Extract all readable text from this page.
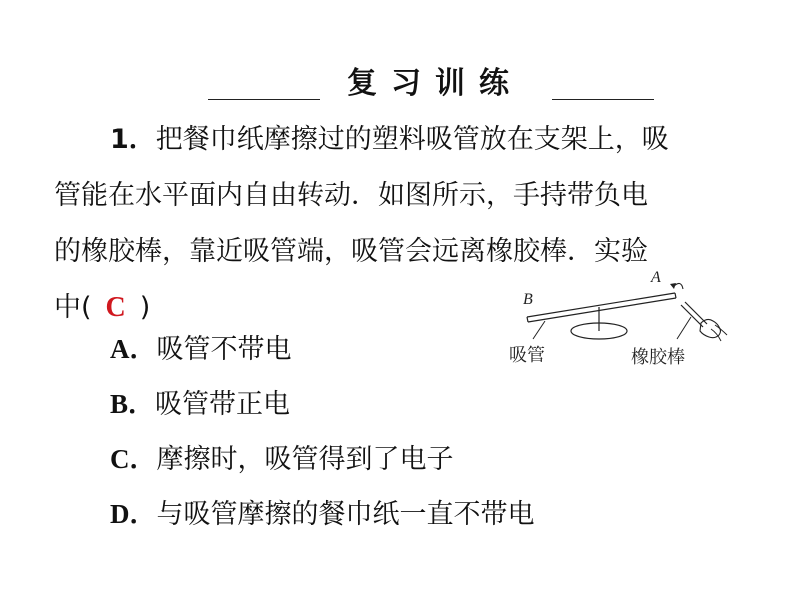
复习训练

1．把餐巾纸摩擦过的塑料吸管放在支架上，吸

管能在水平面内自由转动．如图所示，手持带负电

的橡胶棒，靠近吸管端，吸管会远离橡胶棒．实验

中( C )

A．吸管不带电
B．吸管带正电
C．摩擦时，吸管得到了电子
D．与吸管摩擦的餐巾纸一直不带电
A
B
吸管	橡胶棒
